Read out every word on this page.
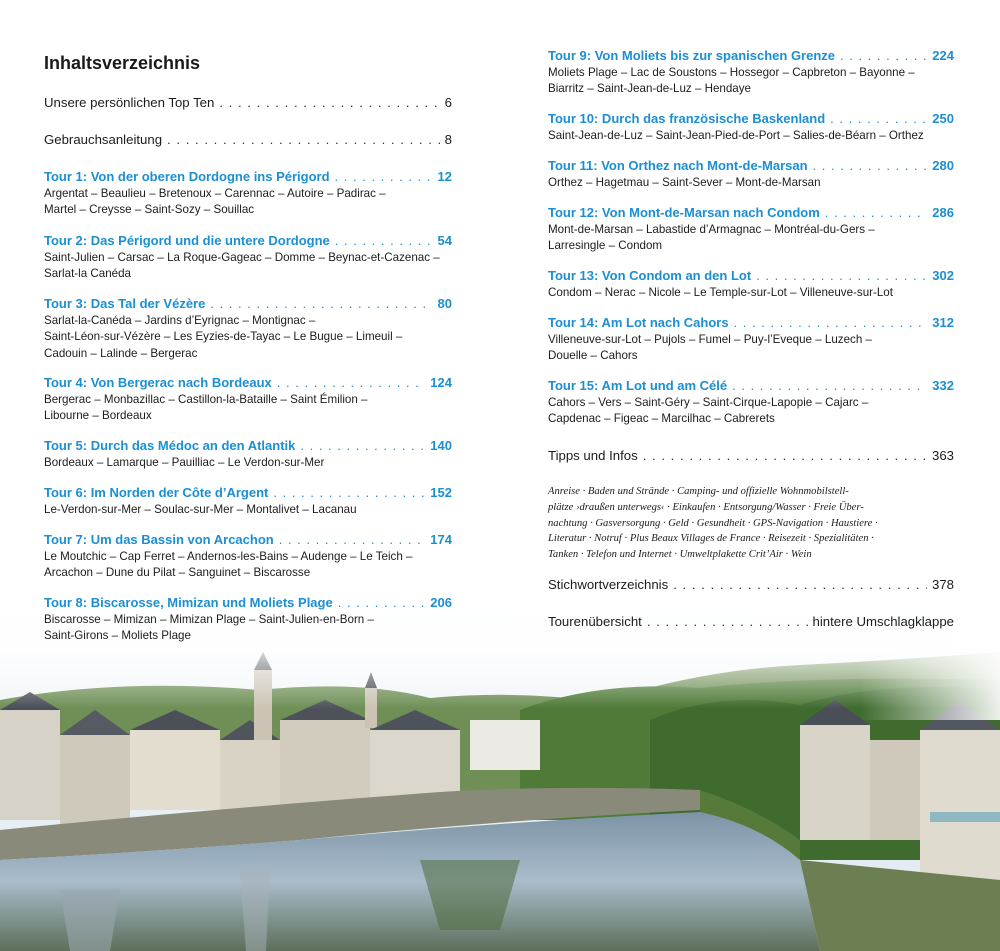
Inhaltsverzeichnis
Unsere persönlichen Top Ten . . .	6
Gebrauchsanleitung . . .	8
Tour 1: Von der oberen Dordogne ins Périgord . . .	12
Argentat – Beaulieu – Bretenoux – Carennac – Autoire – Padirac –
Martel – Creysse – Saint-Sozy – Souillac
Tour 2: Das Périgord und die untere Dordogne . . .	54
Saint-Julien – Carsac – La Roque-Gageac – Domme – Beynac-et-Cazenac –
Sarlat-la Canéda
Tour 3: Das Tal der Vézère . . .	80
Sarlat-la-Canéda – Jardins d’Eyrignac – Montignac –
Saint-Léon-sur-Vézère – Les Eyzies-de-Tayac – Le Bugue – Limeuil –
Cadouin – Lalinde – Bergerac
Tour 4: Von Bergerac nach Bordeaux . . .	124
Bergerac – Monbazillac – Castillon-la-Bataille – Saint Émilion –
Libourne – Bordeaux
Tour 5: Durch das Médoc an den Atlantik . . .	140
Bordeaux – Lamarque – Pauilliac – Le Verdon-sur-Mer
Tour 6: Im Norden der Côte d’Argent . . .	152
Le-Verdon-sur-Mer – Soulac-sur-Mer – Montalivet – Lacanau
Tour 7: Um das Bassin von Arcachon . . .	174
Le Moutchic – Cap Ferret – Andernos-les-Bains – Audenge – Le Teich –
Arcachon – Dune du Pilat – Sanguinet – Biscarosse
Tour 8: Biscarosse, Mimizan und Moliets Plage . . .	206
Biscarosse – Mimizan – Mimizan Plage – Saint-Julien-en-Born –
Saint-Girons – Moliets Plage
Tour 9: Von Moliets bis zur spanischen Grenze . . .	224
Moliets Plage – Lac de Soustons – Hossegor – Capbreton – Bayonne –
Biarritz – Saint-Jean-de-Luz – Hendaye
Tour 10: Durch das französische Baskenland . . .	250
Saint-Jean-de-Luz – Saint-Jean-Pied-de-Port – Salies-de-Béarn – Orthez
Tour 11: Von Orthez nach Mont-de-Marsan . . .	280
Orthez – Hagetmau – Saint-Sever – Mont-de-Marsan
Tour 12: Von Mont-de-Marsan nach Condom . . .	286
Mont-de-Marsan – Labastide d’Armagnac – Montréal-du-Gers –
Larresingle – Condom
Tour 13: Von Condom an den Lot . . .	302
Condom – Nerac – Nicole – Le Temple-sur-Lot – Villeneuve-sur-Lot
Tour 14: Am Lot nach Cahors . . .	312
Villeneuve-sur-Lot – Pujols – Fumel – Puy-l’Eveque – Luzech –
Douelle – Cahors
Tour 15: Am Lot und am Célé . . .	332
Cahors – Vers – Saint-Géry – Saint-Cirque-Lapopie – Cajarc –
Capdenac – Figeac – Marcilhac – Cabrerets
Tipps und Infos . . .	363
Anreise · Baden und Strände · Camping- und offizielle Wohnmobilstell-
plätze ›draußen unterwegs‹ · Einkaufen · Entsorgung/Wasser · Freie Über-
nachtung · Gasversorgung · Geld · Gesundheit · GPS-Navigation · Haustiere ·
Literatur · Notruf · Plus Beaux Villages de France · Reisezeit · Spezialitäten ·
Tanken · Telefon und Internet · Umweltplakette Crit’Air · Wein
Stichwortverzeichnis . . .	378
Tourenübersicht . . .	hintere Umschlagklappe
